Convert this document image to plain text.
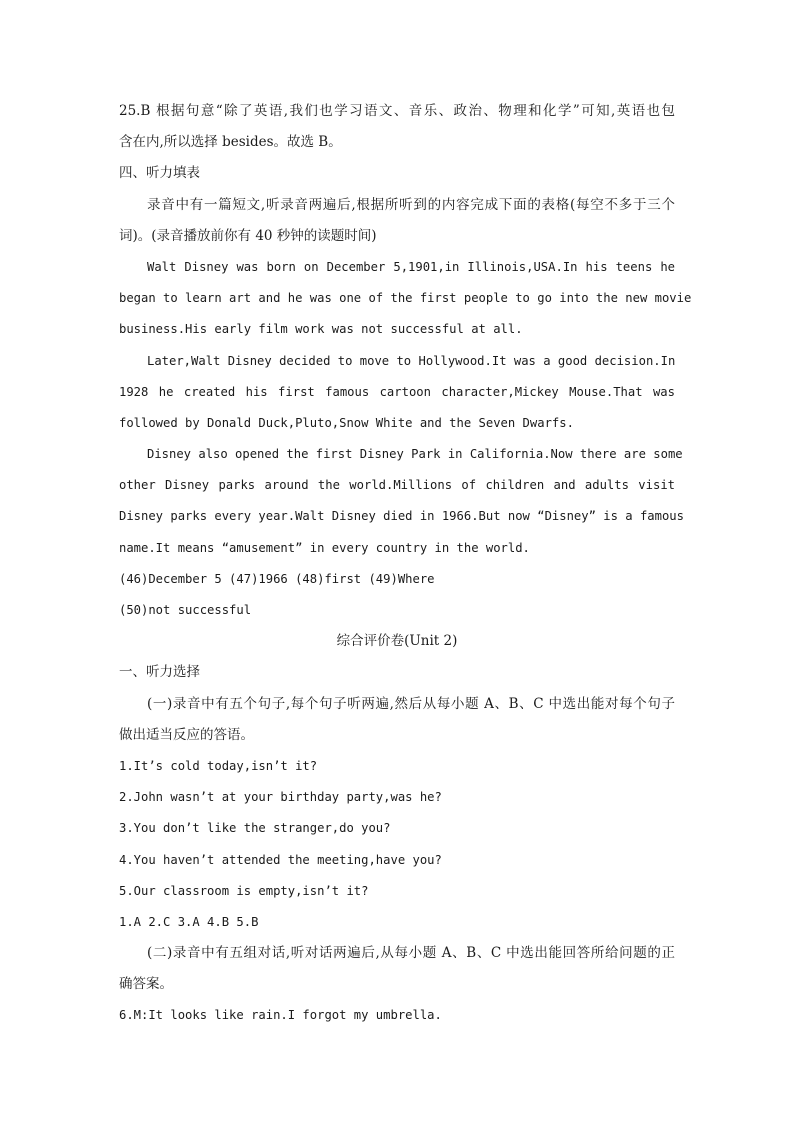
25.B 根据句意“除了英语,我们也学习语文、音乐、政治、物理和化学”可知,英语也包
含在内,所以选择 besides。故选 B。
四、听力填表
录音中有一篇短文,听录音两遍后,根据所听到的内容完成下面的表格(每空不多于三个
词)。(录音播放前你有 40 秒钟的读题时间)
Walt Disney was born on December 5,1901,in Illinois,USA.In his teens he
began to learn art and he was one of the first people to go into the new movie
business.His early film work was not successful at all.
Later,Walt Disney decided to move to Hollywood.It was a good decision.In
1928 he created his first famous cartoon character,Mickey Mouse.That was
followed by Donald Duck,Pluto,Snow White and the Seven Dwarfs.
Disney also opened the first Disney Park in California.Now there are some
other Disney parks around the world.Millions of children and adults visit
Disney parks every year.Walt Disney died in 1966.But now “Disney” is a famous
name.It means “amusement” in every country in the world.
(46)December 5 (47)1966 (48)first (49)Where
(50)not successful
综合评价卷(Unit 2)
一、听力选择
(一)录音中有五个句子,每个句子听两遍,然后从每小题 A、B、C 中选出能对每个句子
做出适当反应的答语。
1.It’s cold today,isn’t it?
2.John wasn’t at your birthday party,was he?
3.You don’t like the stranger,do you?
4.You haven’t attended the meeting,have you?
5.Our classroom is empty,isn’t it?
1.A 2.C 3.A 4.B 5.B
(二)录音中有五组对话,听对话两遍后,从每小题 A、B、C 中选出能回答所给问题的正
确答案。
6.M:It looks like rain.I forgot my umbrella.
